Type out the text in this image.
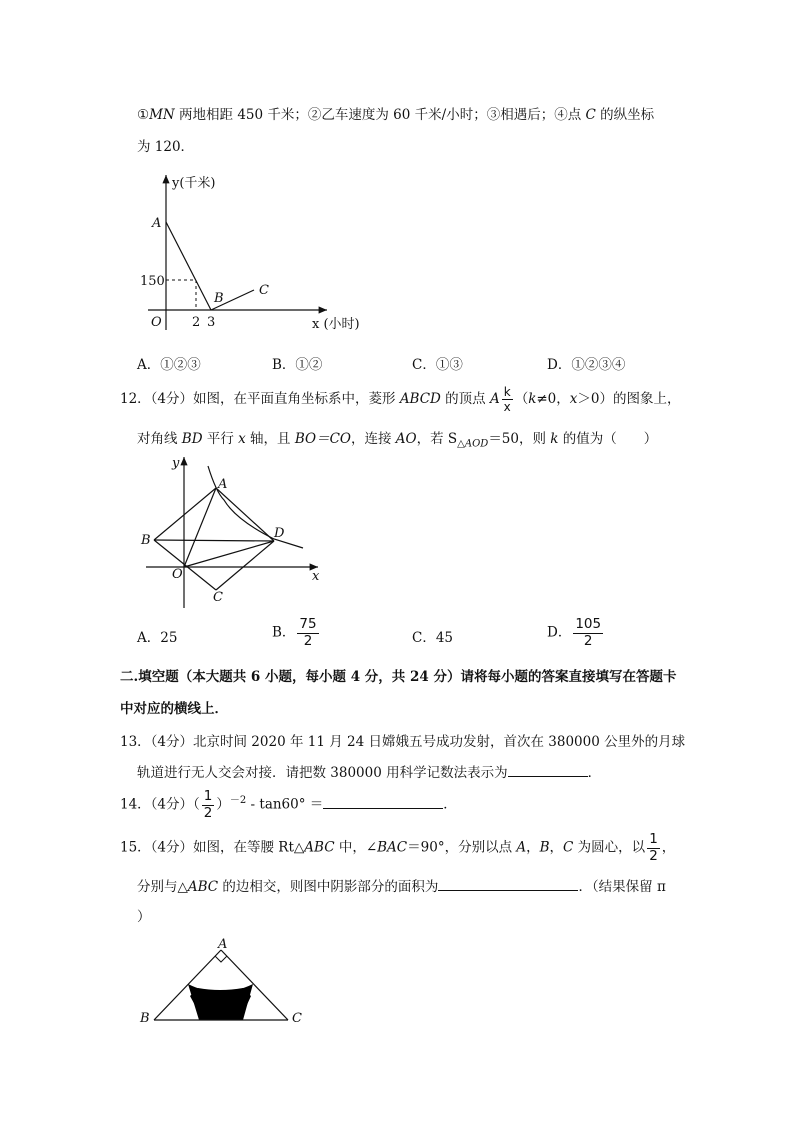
①MN 两地相距 450 千米；②乙车速度为 60 千米/小时；③相遇后；④点 C 的纵坐标
为 120．
y(千米)
x (小时)
O
150
2 3
A
B
C
A．①②③	B．①②	C．①③	D．①②③④
12．（4分）如图，在平面直角坐标系中，菱形 ABCD 的顶点 A $\frac{k}{x} (k\ne 0$，x＞0）的图象上，
对角线 BD 平行 x 轴，且 BO＝CO，连接 AO，若 $S_{\triangle AOD}=50$，则 k 的值为（　　）
y
x
O
A
B
C
D
A．25	B． $\frac{75}{2}$	C．45	D． $\frac{105}{2}$
二.填空题（本大题共 6 小题，每小题 4 分，共 24 分）请将每小题的答案直接填写在答题卡
中对应的横线上．
13．（4分）北京时间 2020 年 11 月 24 日嫦娥五号成功发射，首次在 380000 公里外的月球
轨道进行无人交会对接．请把数 380000 用科学记数法表示为	．
14．（4分）（ $\frac{1}{2} )^{-2} - \tan 60^\circ$ ＝	．
15．（4分）如图，在等腰 Rt△ABC 中，∠BAC＝90°，分别以点 A，B，C 为圆心，以 $\frac{1}{2}$ ，
分别与△ABC 的边相交，则图中阴影部分的面积为	．（结果保留 π
）
A
B	C
